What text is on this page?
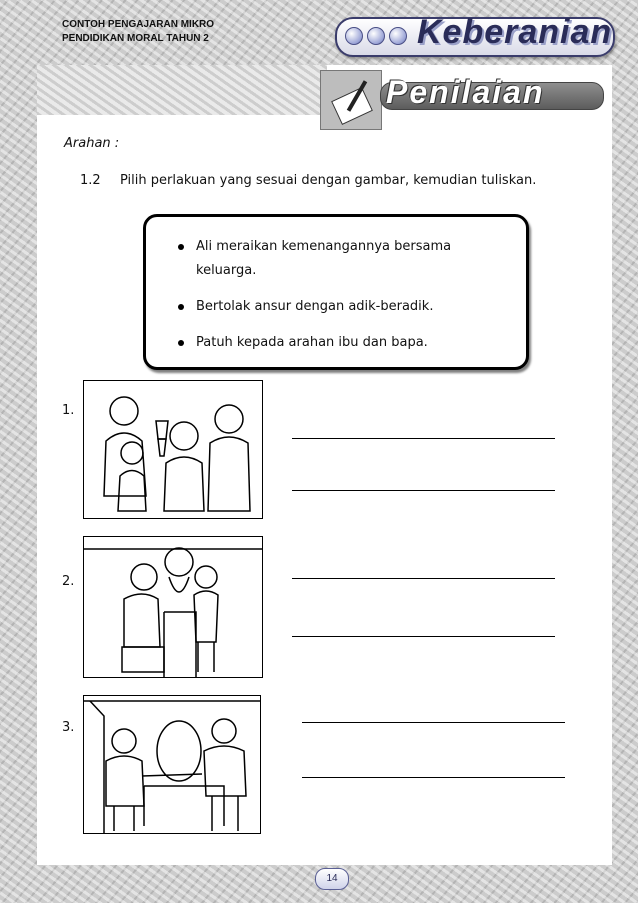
CONTOH PENGAJARAN MIKRO
PENDIDIKAN MORAL TAHUN 2	Keberanian
Penilaian
Arahan :
1.2 Pilih perlakuan yang sesuai dengan gambar, kemudian tuliskan.
Ali meraikan kemenangannya bersama keluarga.
Bertolak ansur dengan adik-beradik.
Patuh kepada arahan ibu dan bapa.
1.
2.
3.
14
